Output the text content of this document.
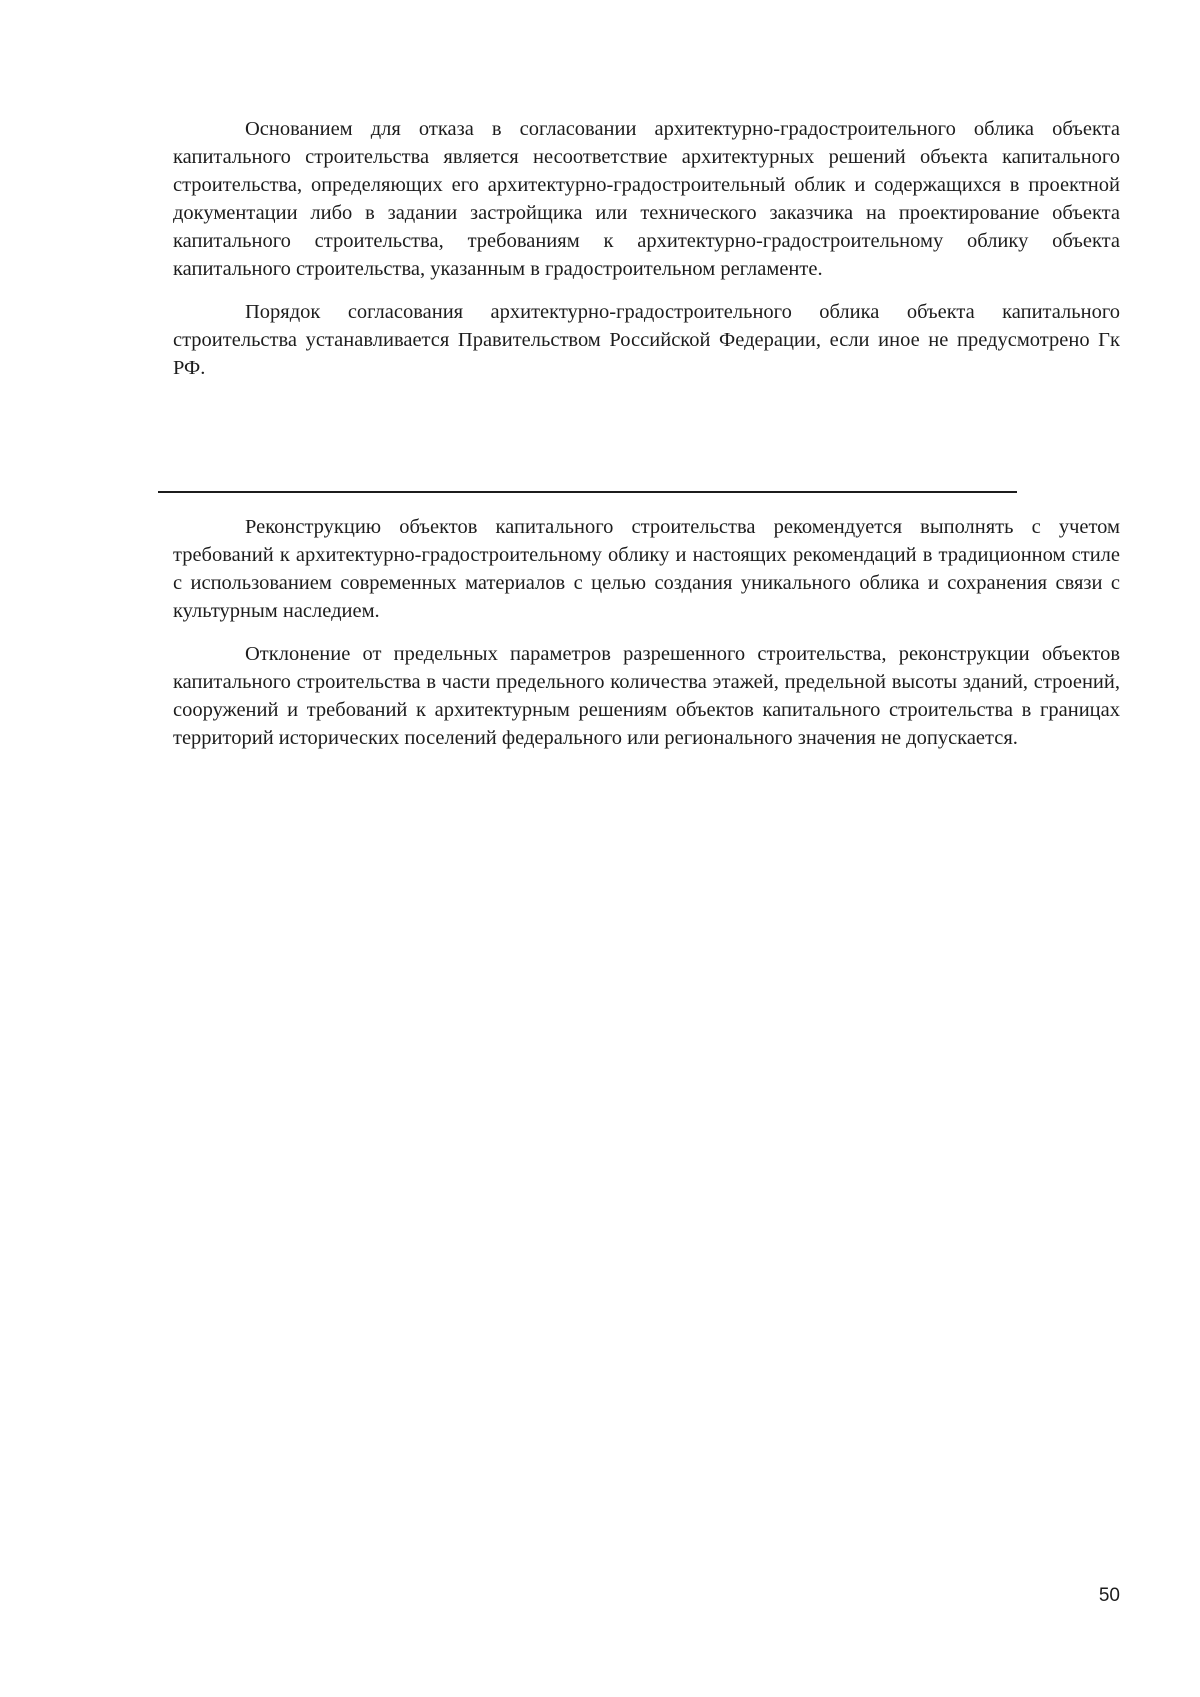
Основанием для отказа в согласовании архитектурно-градостроительного облика объекта капитального строительства является несоответствие архитектурных решений объекта капитального строительства, определяющих его архитектурно-градостроительный облик и содержащихся в проектной документации либо в задании застройщика или технического заказчика на проектирование объекта капитального строительства, требованиям к архитектурно-градостроительному облику объекта капитального строительства, указанным в градостроительном регламенте.

Порядок согласования архитектурно-градостроительного облика объекта капитального строительства устанавливается Правительством Российской Федерации, если иное не предусмотрено Гк РФ.

Реконструкцию объектов капитального строительства рекомендуется выполнять с учетом требований к архитектурно-градостроительному облику и настоящих рекомендаций в традиционном стиле с использованием современных материалов с целью создания уникального облика и сохранения связи с культурным наследием.

Отклонение от предельных параметров разрешенного строительства, реконструкции объектов капитального строительства в части предельного количества этажей, предельной высоты зданий, строений, сооружений и требований к архитектурным решениям объектов капитального строительства в границах территорий исторических поселений федерального или регионального значения не допускается.

50
